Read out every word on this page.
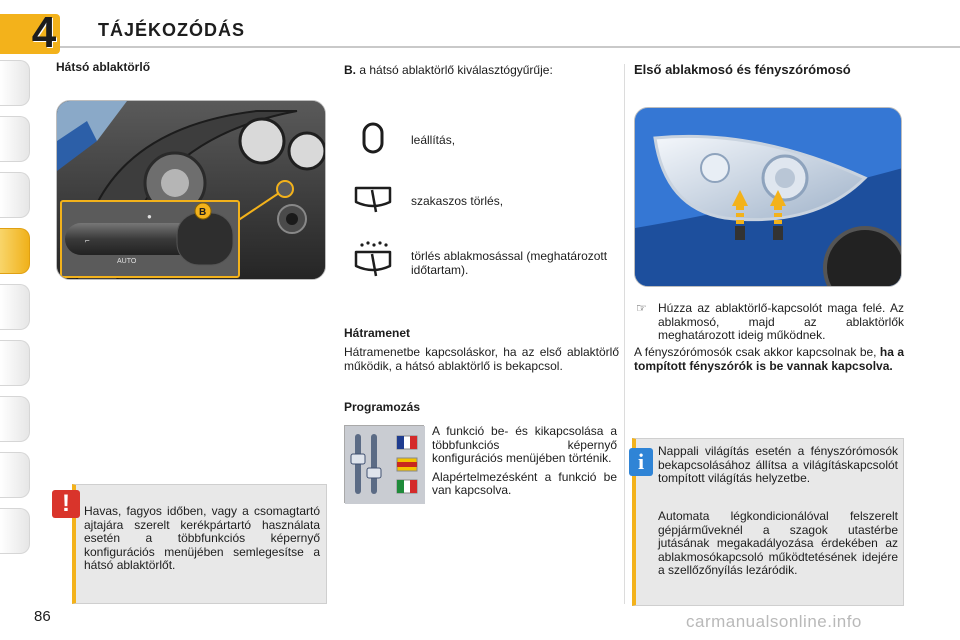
4	TÁJÉKOZÓDÁS
Hátsó ablaktörlő
AUTO
●
⌐
B
!	Havas, fagyos időben, vagy a csomagtartó ajtajára szerelt kerékpártartó használata esetén a többfunkciós képernyő konfigurációs menüjében semlegesítse a hátsó ablaktörlőt.
B. a hátsó ablaktörlő kiválasztógyűrűje:
leállítás,
szakaszos törlés,
törlés ablakmosással (meghatározott időtartam).
Hátramenet
Hátramenetbe kapcsoláskor, ha az első ablaktörlő működik, a hátsó ablaktörlő is bekapcsol.
Programozás
A funkció be- és kikapcsolása a többfunkciós képernyő konfigurációs menüjében történik.
Alapértelmezésként a funkció be van kapcsolva.
Első ablakmosó és fényszórómosó
☞ Húzza az ablaktörlő-kapcsolót maga felé. Az ablakmosó, majd az ablaktörlők meghatározott ideig működnek.
A fényszórómosók csak akkor kapcsolnak be, ha a tompított fényszórók is be vannak kapcsolva.
i	Nappali világítás esetén a fényszórómosók bekapcsolásához állítsa a világításkapcsolót tompított világítás helyzetbe.
Automata légkondicionálóval felszerelt gépjárműveknél a szagok utastérbe jutásának megakadályozása érdekében az ablakmosókapcsoló működtetésének idejére a szellőzőnyílás lezáródik.
86	carmanualsonline.info
